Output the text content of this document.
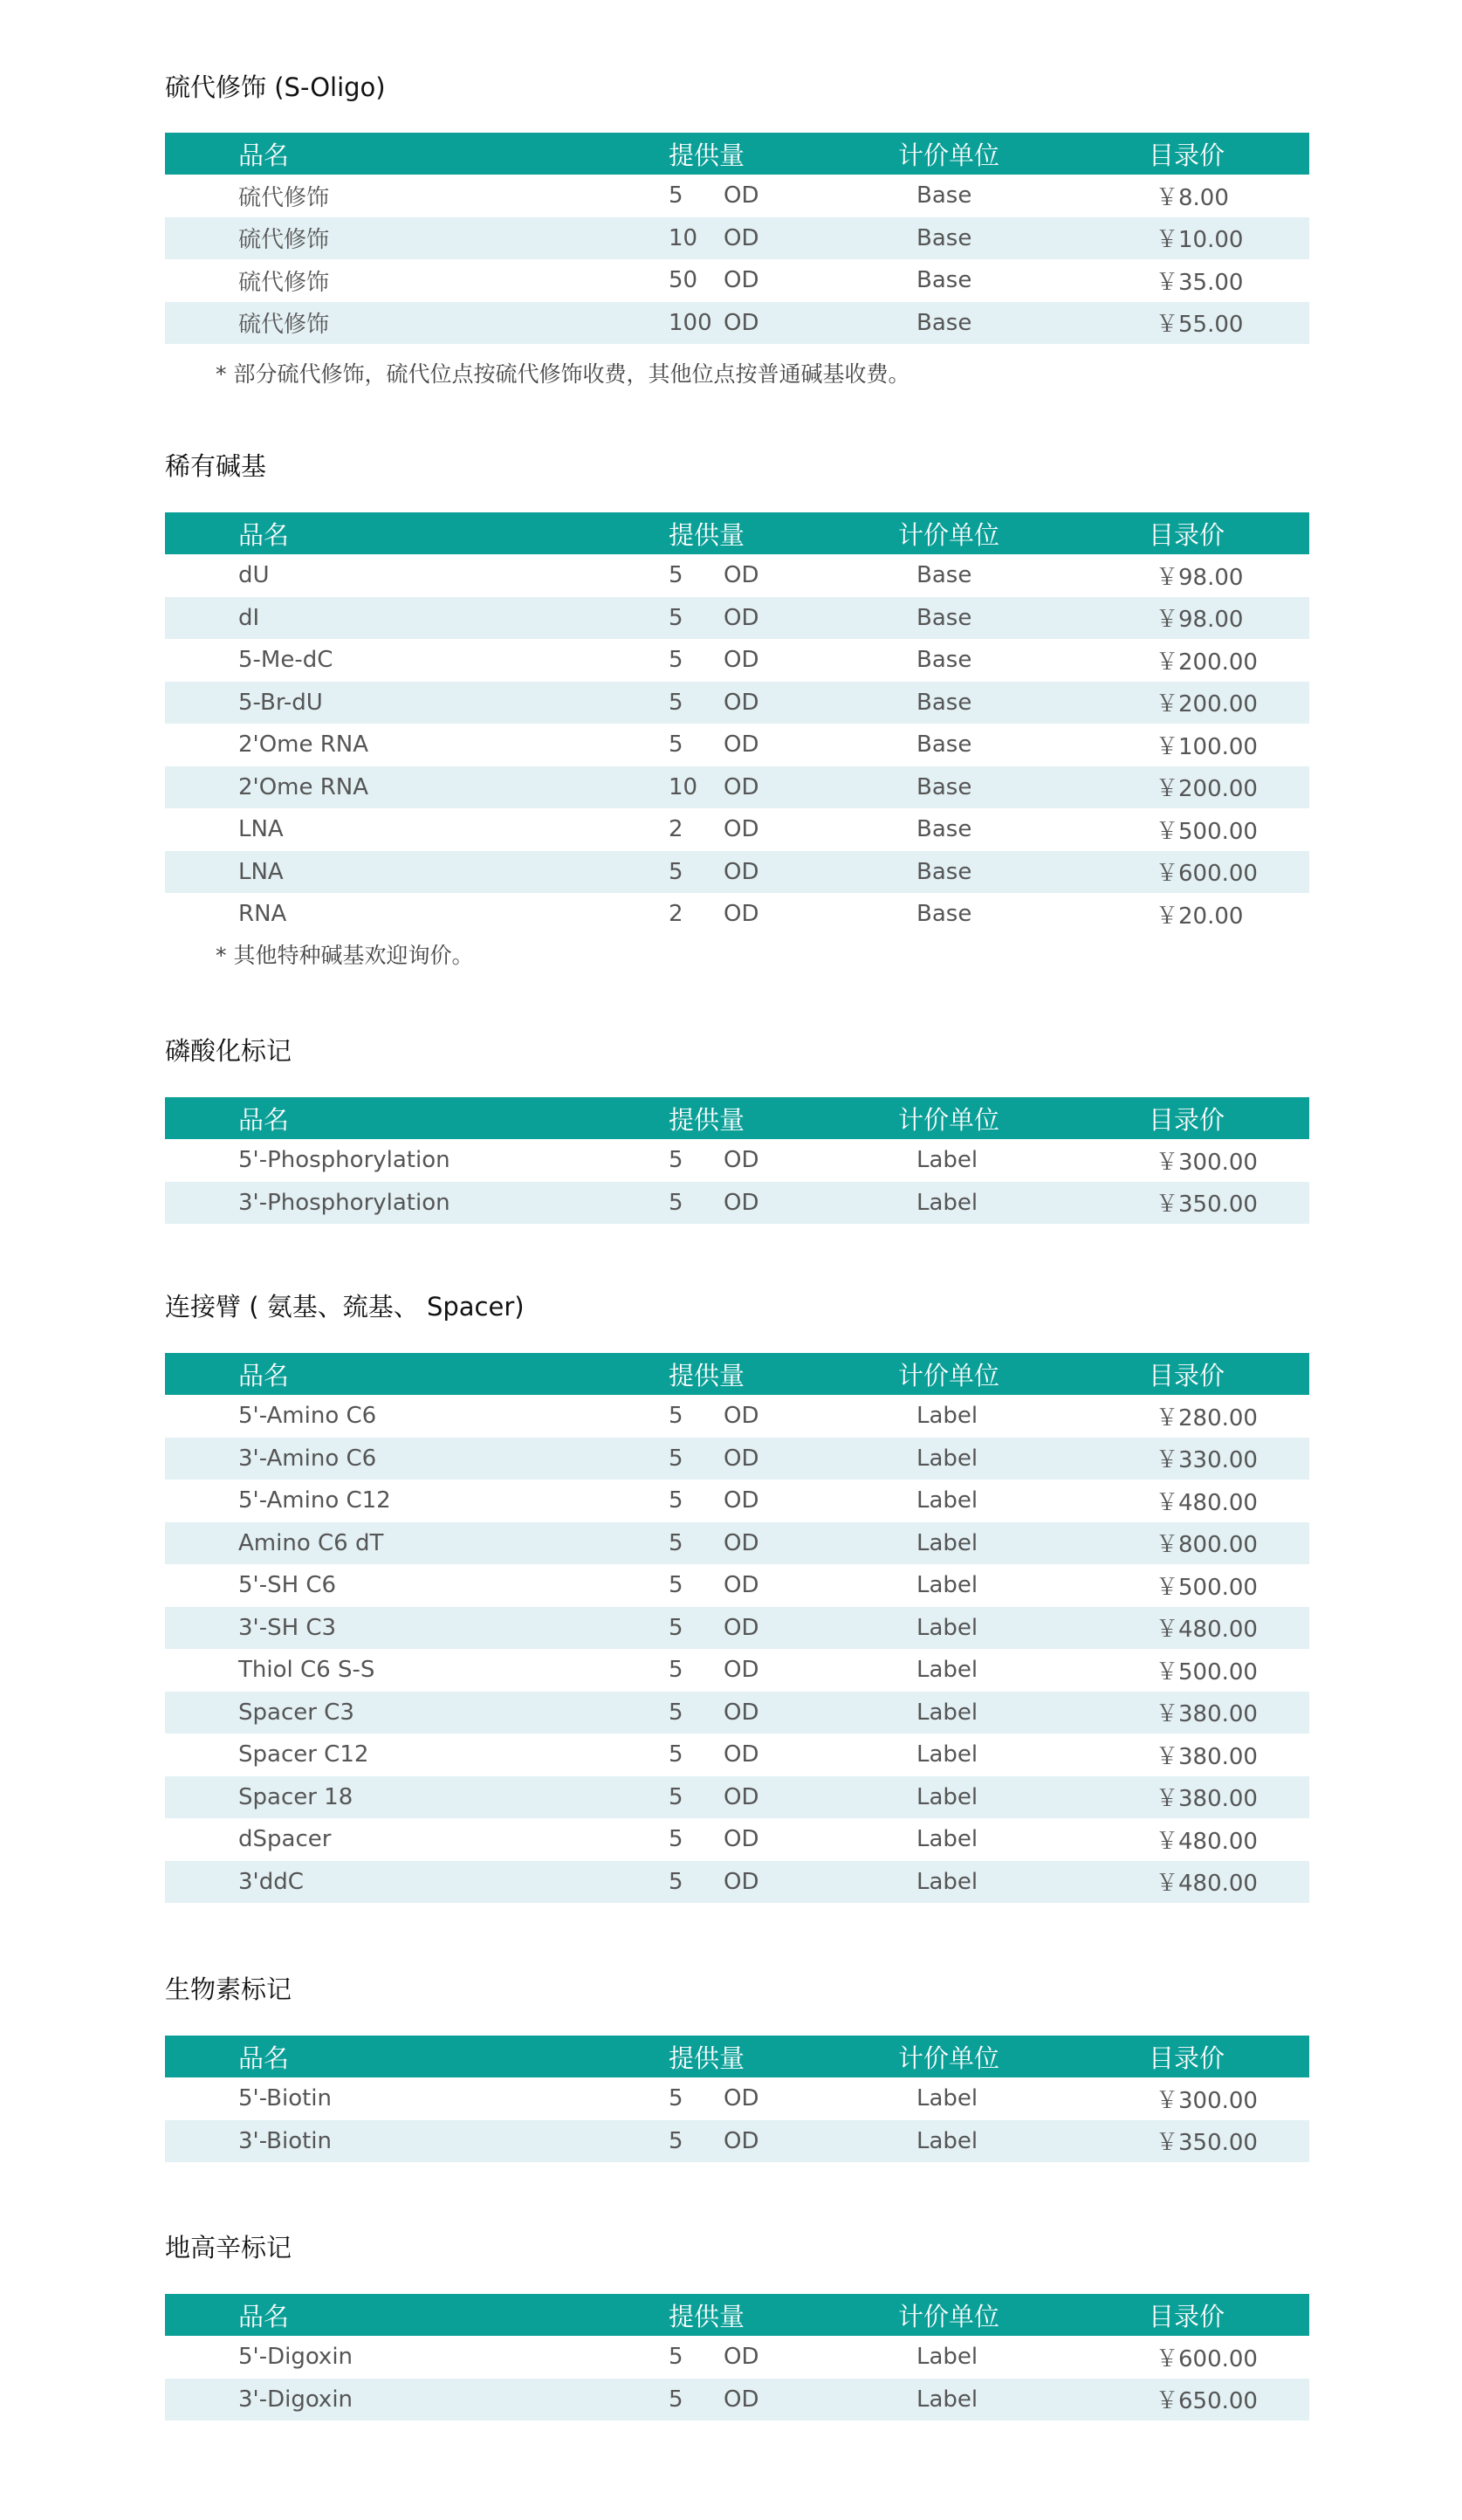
硫代修饰 (S-Oligo)
品名	提供量	计价单位	目录价
硫代修饰	5 OD	Base	￥8.00
硫代修饰	10 OD	Base	￥10.00
硫代修饰	50 OD	Base	￥35.00
硫代修饰	100 OD	Base	￥55.00
* 部分硫代修饰，硫代位点按硫代修饰收费，其他位点按普通碱基收费。
稀有碱基
品名	提供量	计价单位	目录价
dU	5 OD	Base	￥98.00
dI	5 OD	Base	￥98.00
5-Me-dC	5 OD	Base	￥200.00
5-Br-dU	5 OD	Base	￥200.00
2'Ome RNA	5 OD	Base	￥100.00
2'Ome RNA	10 OD	Base	￥200.00
LNA	2 OD	Base	￥500.00
LNA	5 OD	Base	￥600.00
RNA	2 OD	Base	￥20.00
* 其他特种碱基欢迎询价。
磷酸化标记
品名	提供量	计价单位	目录价
5'-Phosphorylation	5 OD	Label	￥300.00
3'-Phosphorylation	5 OD	Label	￥350.00
连接臂 ( 氨基、巯基、 Spacer)
品名	提供量	计价单位	目录价
5'-Amino C6	5 OD	Label	￥280.00
3'-Amino C6	5 OD	Label	￥330.00
5'-Amino C12	5 OD	Label	￥480.00
Amino C6 dT	5 OD	Label	￥800.00
5'-SH C6	5 OD	Label	￥500.00
3'-SH C3	5 OD	Label	￥480.00
Thiol C6 S-S	5 OD	Label	￥500.00
Spacer C3	5 OD	Label	￥380.00
Spacer C12	5 OD	Label	￥380.00
Spacer 18	5 OD	Label	￥380.00
dSpacer	5 OD	Label	￥480.00
3'ddC	5 OD	Label	￥480.00
生物素标记
品名	提供量	计价单位	目录价
5'-Biotin	5 OD	Label	￥300.00
3'-Biotin	5 OD	Label	￥350.00
地高辛标记
品名	提供量	计价单位	目录价
5'-Digoxin	5 OD	Label	￥600.00
3'-Digoxin	5 OD	Label	￥650.00
